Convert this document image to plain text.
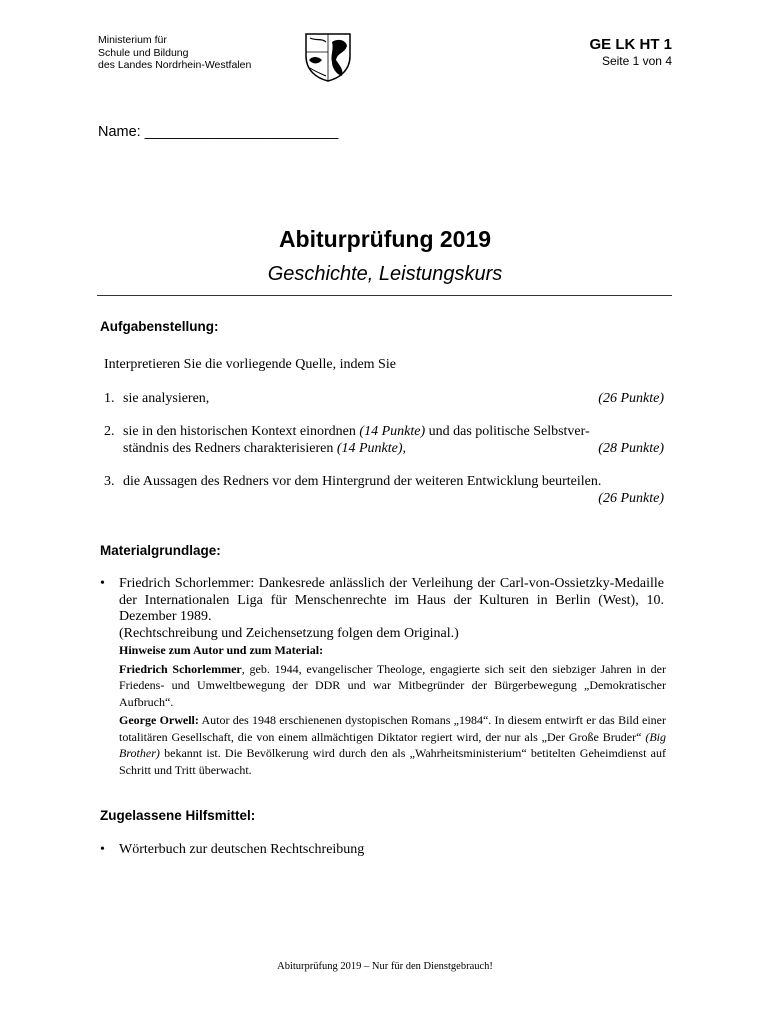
Ministerium für
Schule und Bildung
des Landes Nordrhein-Westfalen
GE LK HT 1
Seite 1 von 4
Name: ________________________
Abiturprüfung 2019
Geschichte, Leistungskurs
Aufgabenstellung:
Interpretieren Sie die vorliegende Quelle, indem Sie
1.	(26 Punkte)
sie analysieren,
2. sie in den historischen Kontext einordnen (14 Punkte) und das politische Selbstver-
(28 Punkte)
ständnis des Redners charakterisieren (14 Punkte),
3. die Aussagen des Redners vor dem Hintergrund der weiteren Entwicklung beurteilen.
(26 Punkte)
Materialgrundlage:
• Friedrich Schorlemmer: Dankesrede anlässlich der Verleihung der Carl-von-Ossietzky-Medaille der Internationalen Liga für Menschenrechte im Haus der Kulturen in Berlin (West), 10. Dezember 1989.
(Rechtschreibung und Zeichensetzung folgen dem Original.)
Hinweise zum Autor und zum Material:

Friedrich Schorlemmer, geb. 1944, evangelischer Theologe, engagierte sich seit den siebziger Jahren in der Friedens- und Umweltbewegung der DDR und war Mitbegründer der Bürgerbewegung „Demokratischer Aufbruch“.

George Orwell: Autor des 1948 erschienenen dystopischen Romans „1984“. In diesem entwirft er das Bild einer totalitären Gesellschaft, die von einem allmächtigen Diktator regiert wird, der nur als „Der Große Bruder“ (Big Brother) bekannt ist. Die Bevölkerung wird durch den als „Wahrheitsministerium“ betitelten Geheimdienst auf Schritt und Tritt überwacht.

Zugelassene Hilfsmittel:
• Wörterbuch zur deutschen Rechtschreibung
Abiturprüfung 2019 – Nur für den Dienstgebrauch!
